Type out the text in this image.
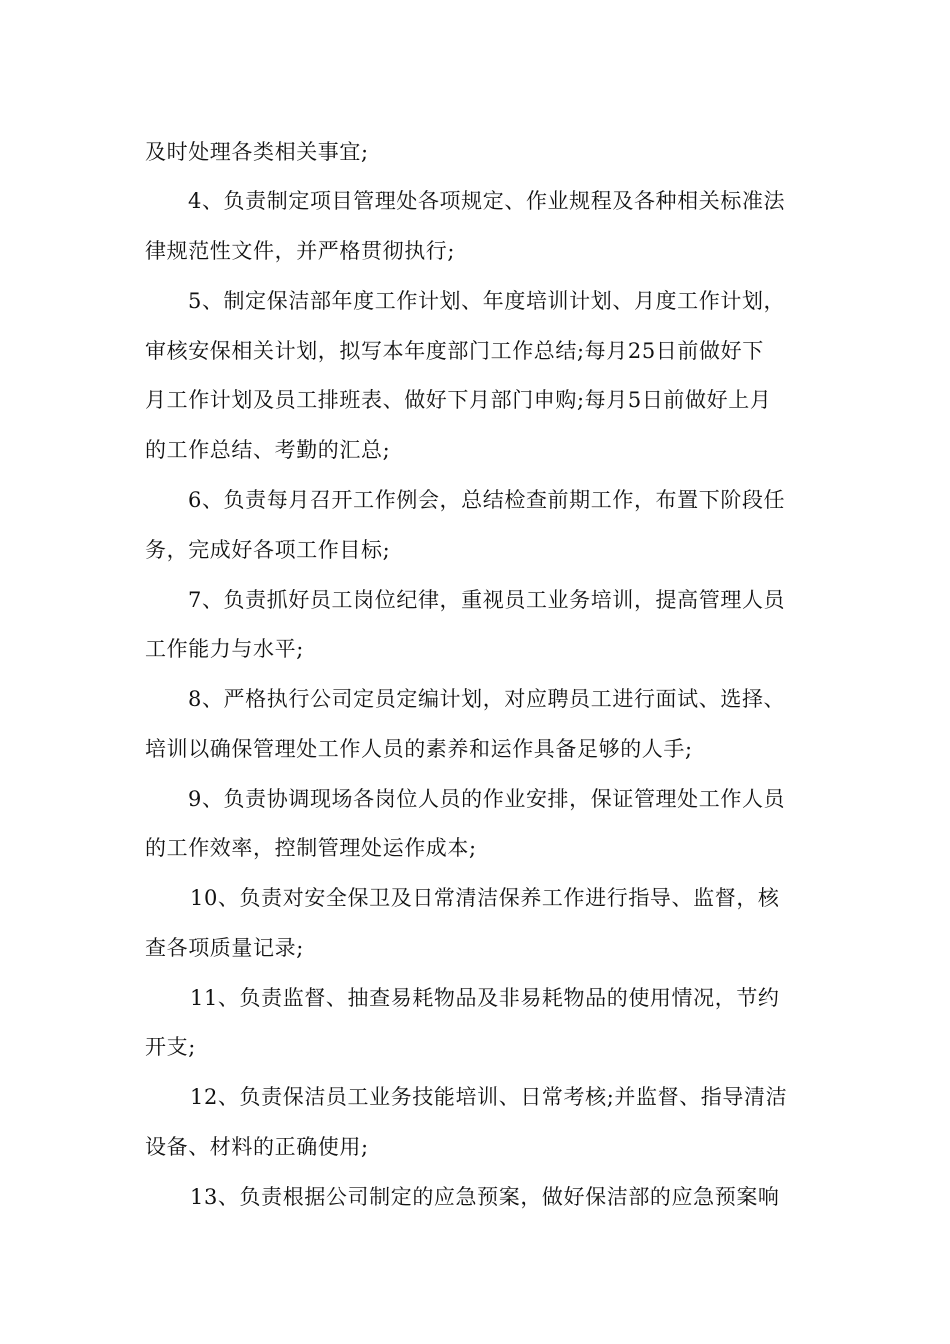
及时处理各类相关事宜;

4、负责制定项目管理处各项规定、作业规程及各种相关标准法

律规范性文件，并严格贯彻执行;

5、制定保洁部年度工作计划、年度培训计划、月度工作计划，

审核安保相关计划，拟写本年度部门工作总结;每月25日前做好下

月工作计划及员工排班表、做好下月部门申购;每月5日前做好上月

的工作总结、考勤的汇总;

6、负责每月召开工作例会，总结检查前期工作，布置下阶段任

务，完成好各项工作目标;

7、负责抓好员工岗位纪律，重视员工业务培训，提高管理人员

工作能力与水平;

8、严格执行公司定员定编计划，对应聘员工进行面试、选择、

培训以确保管理处工作人员的素养和运作具备足够的人手;

9、负责协调现场各岗位人员的作业安排，保证管理处工作人员

的工作效率，控制管理处运作成本;

10、负责对安全保卫及日常清洁保养工作进行指导、监督，核

查各项质量记录;

11、负责监督、抽查易耗物品及非易耗物品的使用情况，节约

开支;

12、负责保洁员工业务技能培训、日常考核;并监督、指导清洁

设备、材料的正确使用;

13、负责根据公司制定的应急预案，做好保洁部的应急预案响
